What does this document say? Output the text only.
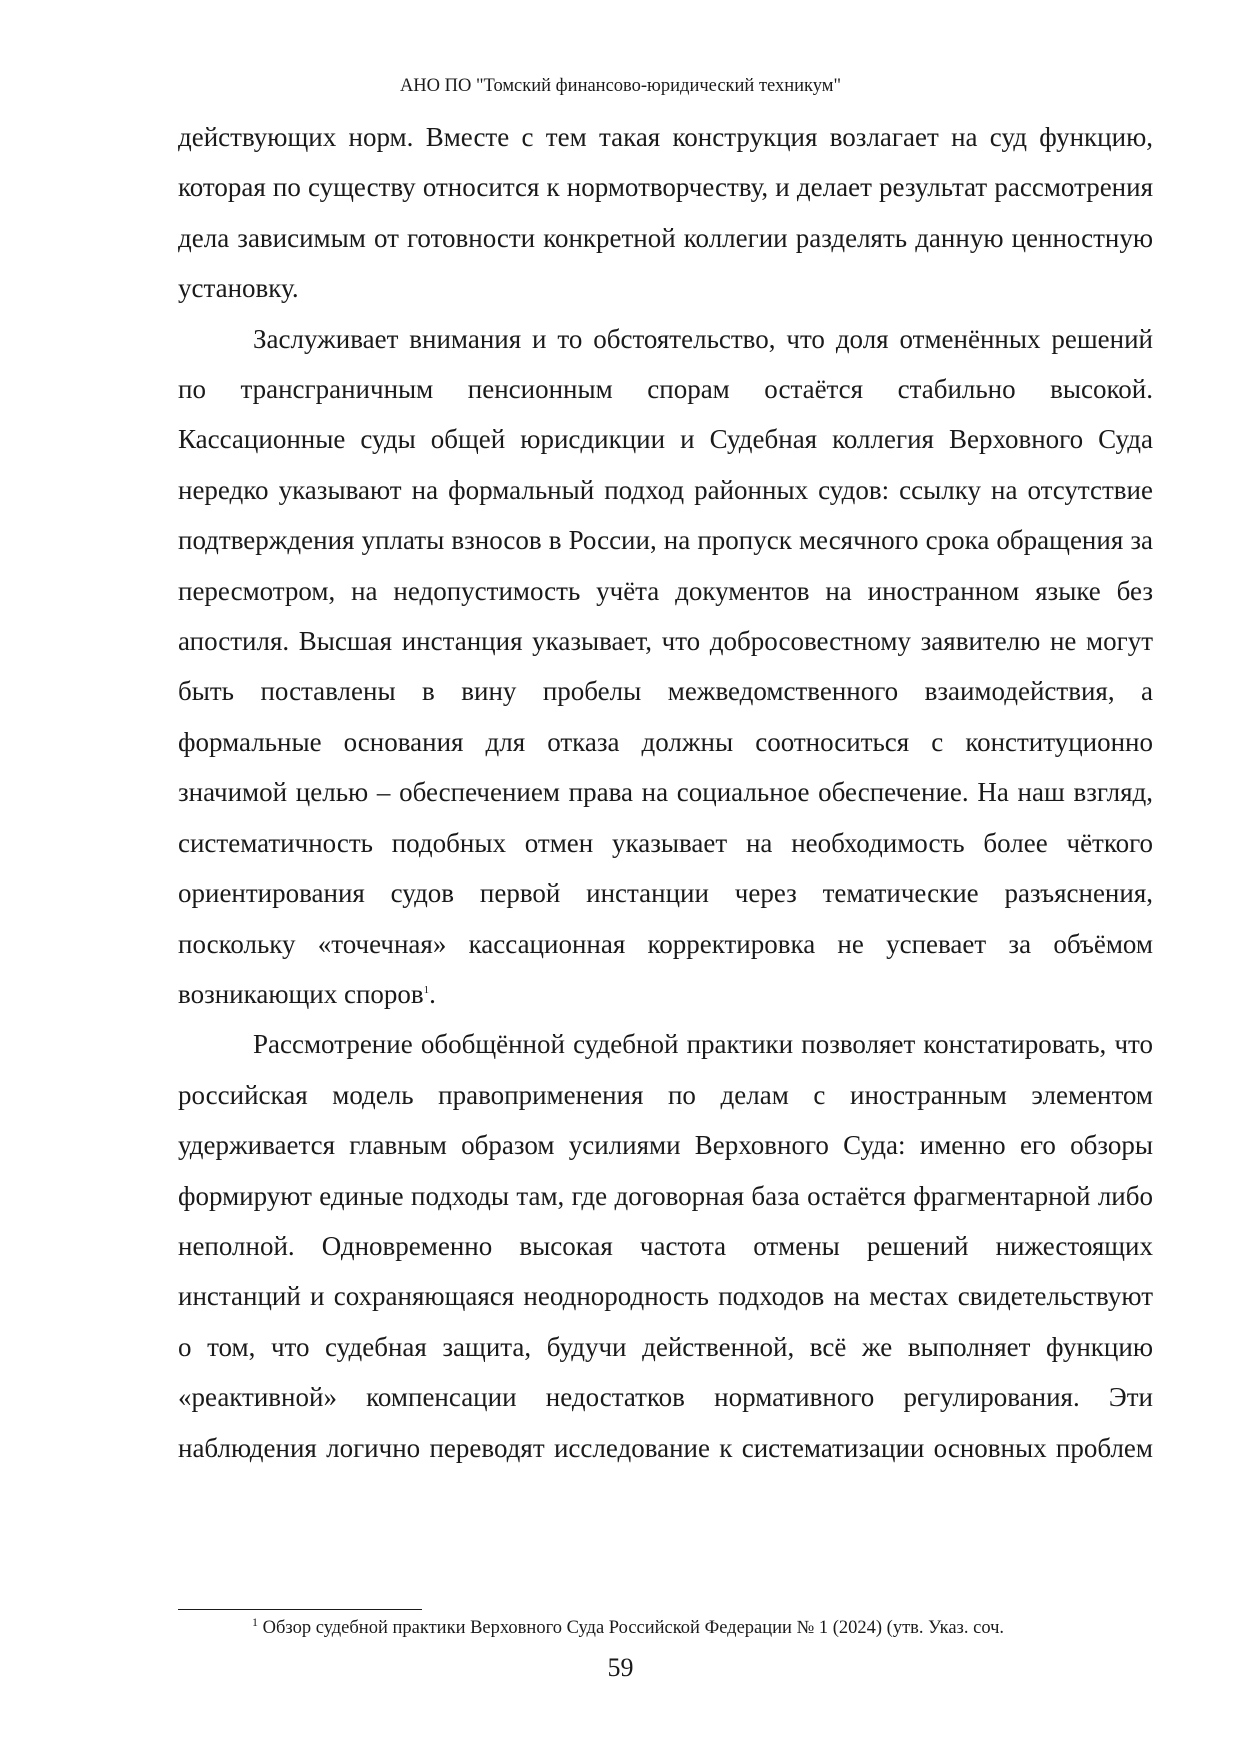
АНО ПО "Томский финансово-юридический техникум"

действующих норм. Вместе с тем такая конструкция возлагает на суд функцию, которая по существу относится к нормотворчеству, и делает результат рассмотрения дела зависимым от готовности конкретной коллегии разделять данную ценностную установку.

Заслуживает внимания и то обстоятельство, что доля отменённых решений по трансграничным пенсионным спорам остаётся стабильно высокой. Кассационные суды общей юрисдикции и Судебная коллегия Верховного Суда нередко указывают на формальный подход районных судов: ссылку на отсутствие подтверждения уплаты взносов в России, на пропуск месячного срока обращения за пересмотром, на недопустимость учёта документов на иностранном языке без апостиля. Высшая инстанция указывает, что добросовестному заявителю не могут быть поставлены в вину пробелы межведомственного взаимодействия, а формальные основания для отказа должны соотноситься с конституционно значимой целью – обеспечением права на социальное обеспечение. На наш взгляд, систематичность подобных отмен указывает на необходимость более чёткого ориентирования судов первой инстанции через тематические разъяснения, поскольку «точечная» кассационная корректировка не успевает за объёмом возникающих споров$^1$.

Рассмотрение обобщённой судебной практики позволяет констатировать, что российская модель правоприменения по делам с иностранным элементом удерживается главным образом усилиями Верховного Суда: именно его обзоры формируют единые подходы там, где договорная база остаётся фрагментарной либо неполной. Одновременно высокая частота отмены решений нижестоящих инстанций и сохраняющаяся неоднородность подходов на местах свидетельствуют о том, что судебная защита, будучи действенной, всё же выполняет функцию «реактивной» компенсации недостатков нормативного регулирования. Эти наблюдения логично переводят исследование к систематизации основных проблем

$^1$ Обзор судебной практики Верховного Суда Российской Федерации № 1 (2024) (утв. Указ. соч.
59
